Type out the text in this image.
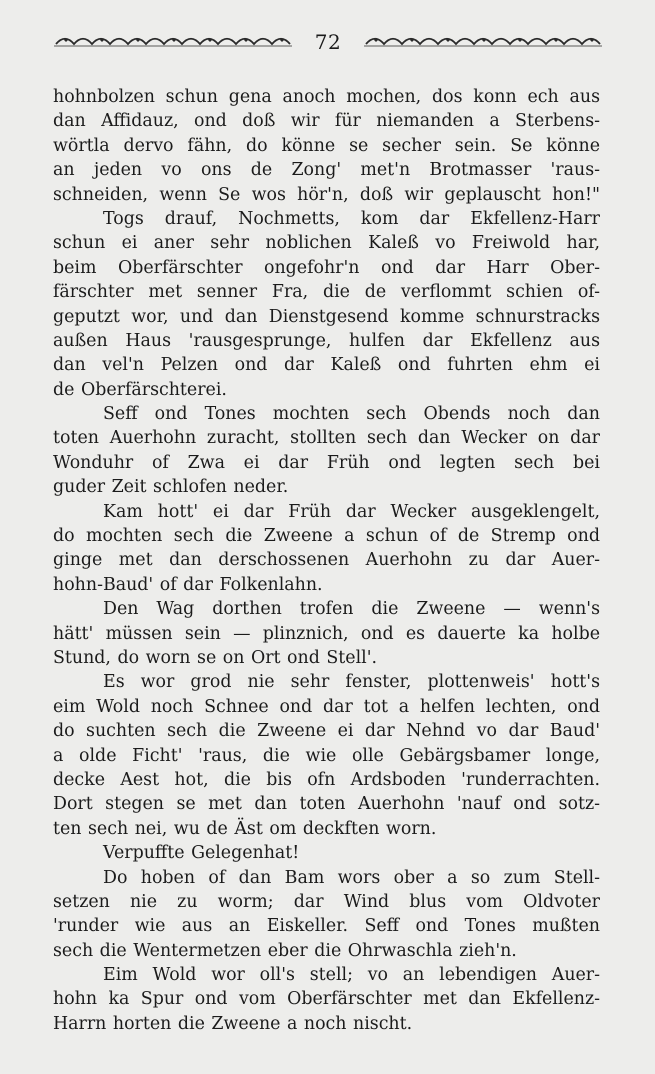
72
hohnbolzen schun gena anoch mochen, dos konn ech aus
dan Affidauz, ond doß wir für niemanden a Sterbens-
wörtla dervo fähn, do könne se secher sein. Se könne
an jeden vo ons de Zong' met'n Brotmasser 'raus-
schneiden, wenn Se wos hör'n, doß wir geplauscht hon!"
Togs drauf, Nochmetts, kom dar Ekfellenz-Harr
schun ei aner sehr noblichen Kaleß vo Freiwold har,
beim Oberfärschter ongefohr'n ond dar Harr Ober-
färschter met senner Fra, die de verflommt schien of-
geputzt wor, und dan Dienstgesend komme schnurstracks
außen Haus 'rausgesprunge, hulfen dar Ekfellenz aus
dan vel'n Pelzen ond dar Kaleß ond fuhrten ehm ei
de Oberfärschterei.
Seff ond Tones mochten sech Obends noch dan
toten Auerhohn zuracht, stollten sech dan Wecker on dar
Wonduhr of Zwa ei dar Früh ond legten sech bei
guder Zeit schlofen neder.
Kam hott' ei dar Früh dar Wecker ausgeklengelt,
do mochten sech die Zweene a schun of de Stremp ond
ginge met dan derschossenen Auerhohn zu dar Auer-
hohn-Baud' of dar Folkenlahn.
Den Wag dorthen trofen die Zweene — wenn's
hätt' müssen sein — plinznich, ond es dauerte ka holbe
Stund, do worn se on Ort ond Stell'.
Es wor grod nie sehr fenster, plottenweis' hott's
eim Wold noch Schnee ond dar tot a helfen lechten, ond
do suchten sech die Zweene ei dar Nehnd vo dar Baud'
a olde Ficht' 'raus, die wie olle Gebärgsbamer longe,
decke Aest hot, die bis ofn Ardsboden 'runderrachten.
Dort stegen se met dan toten Auerhohn 'nauf ond sotz-
ten sech nei, wu de Äst om deckften worn.
Verpuffte Gelegenhat!
Do hoben of dan Bam wors ober a so zum Stell-
setzen nie zu worm; dar Wind blus vom Oldvoter
'runder wie aus an Eiskeller. Seff ond Tones mußten
sech die Wentermetzen eber die Ohrwaschla zieh'n.
Eim Wold wor oll's stell; vo an lebendigen Auer-
hohn ka Spur ond vom Oberfärschter met dan Ekfellenz-
Harrn horten die Zweene a noch nischt.
